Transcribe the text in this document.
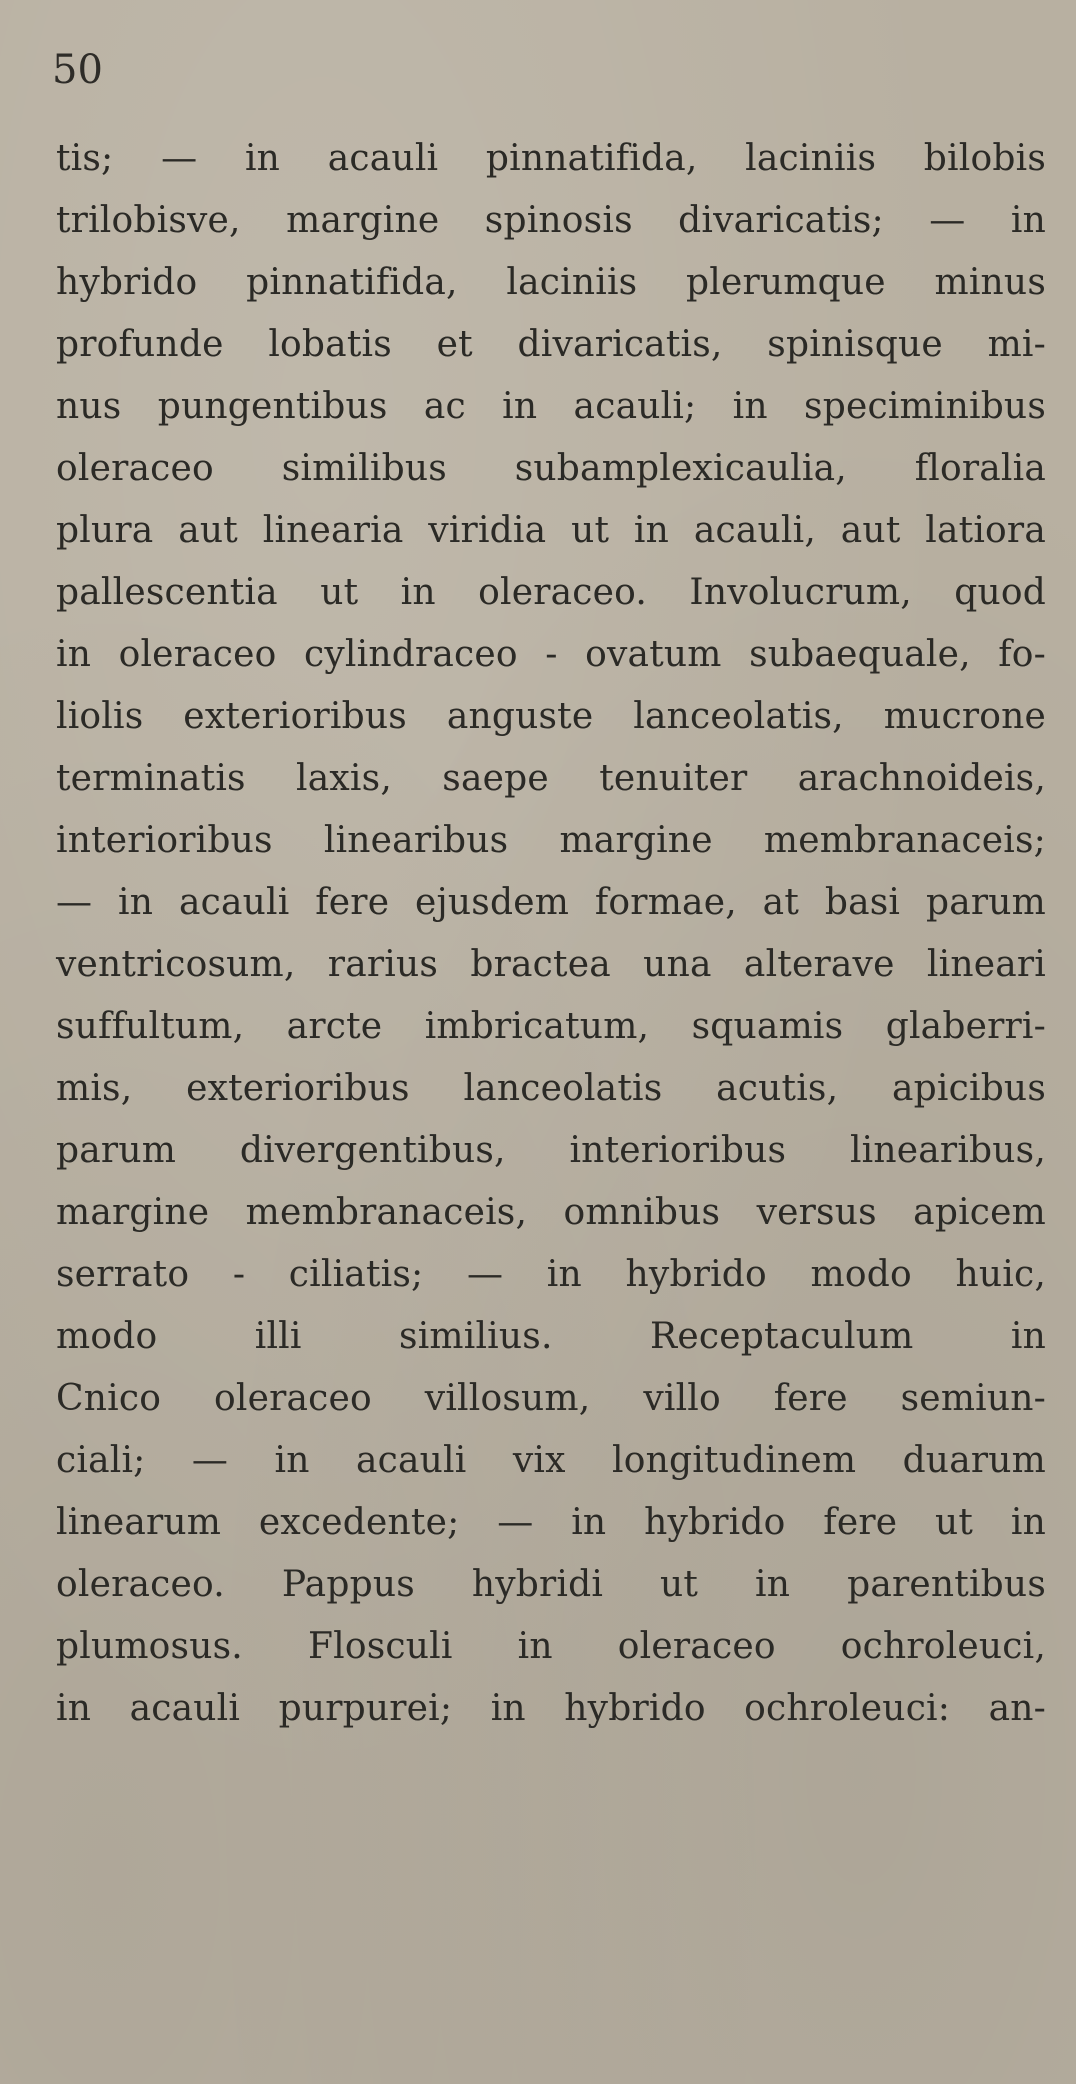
50
tis; — in acauli pinnatifida, laciniis bilobis
trilobisve, margine spinosis divaricatis; — in
hybrido pinnatifida, laciniis plerumque minus
profunde lobatis et divaricatis, spinisque mi-
nus pungentibus ac in acauli; in speciminibus
oleraceo similibus subamplexicaulia, floralia
plura aut linearia viridia ut in acauli, aut latiora
pallescentia ut in oleraceo. Involucrum, quod
in oleraceo cylindraceo - ovatum subaequale, fo-
liolis exterioribus anguste lanceolatis, mucrone
terminatis laxis, saepe tenuiter arachnoideis,
interioribus linearibus margine membranaceis;
— in acauli fere ejusdem formae, at basi parum
ventricosum, rarius bractea una alterave lineari
suffultum, arcte imbricatum, squamis glaberri-
mis, exterioribus lanceolatis acutis, apicibus
parum divergentibus, interioribus linearibus,
margine membranaceis, omnibus versus apicem
serrato - ciliatis; — in hybrido modo huic,
modo illi similius. Receptaculum in
Cnico oleraceo villosum, villo fere semiun-
ciali; — in acauli vix longitudinem duarum
linearum excedente; — in hybrido fere ut in
oleraceo. Pappus hybridi ut in parentibus
plumosus. Flosculi in oleraceo ochroleuci,
in acauli purpurei; in hybrido ochroleuci: an-
